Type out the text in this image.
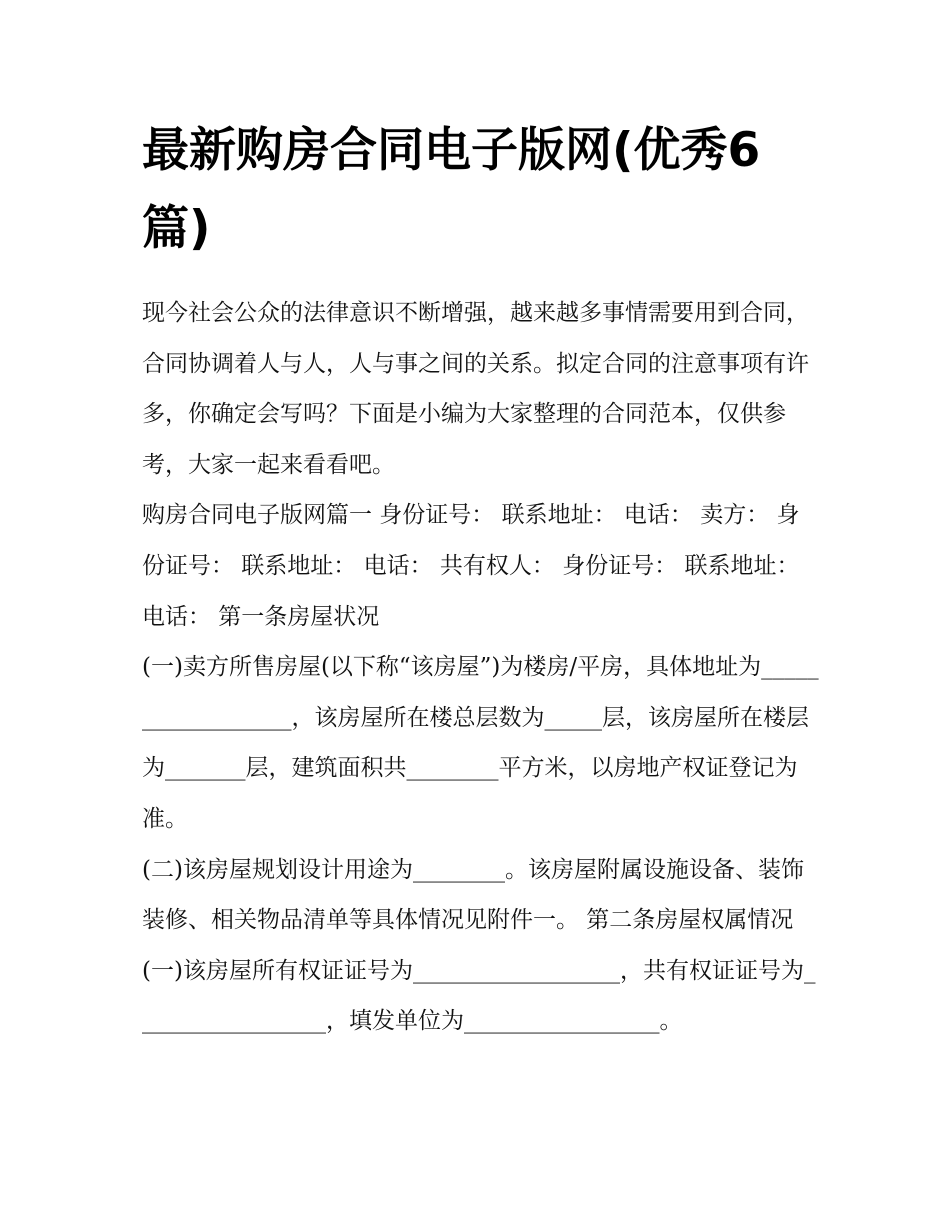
最新购房合同电子版网(优秀6篇)

现今社会公众的法律意识不断增强，越来越多事情需要用到合同，合同协调着人与人，人与事之间的关系。拟定合同的注意事项有许多，你确定会写吗？下面是小编为大家整理的合同范本，仅供参考，大家一起来看看吧。

购房合同电子版网篇一 身份证号： 联系地址： 电话： 卖方： 身份证号： 联系地址： 电话： 共有权人： 身份证号： 联系地址： 电话： 第一条房屋状况

(一)卖方所售房屋(以下称“该房屋”)为楼房/平房，具体地址为__________________，该房屋所在楼总层数为_____层，该房屋所在楼层为_______层，建筑面积共________平方米，以房地产权证登记为准。

(二)该房屋规划设计用途为________。该房屋附属设施设备、装饰装修、相关物品清单等具体情况见附件一。 第二条房屋权属情况

(一)该房屋所有权证证号为__________________，共有权证证号为_________________，填发单位为_________________。
